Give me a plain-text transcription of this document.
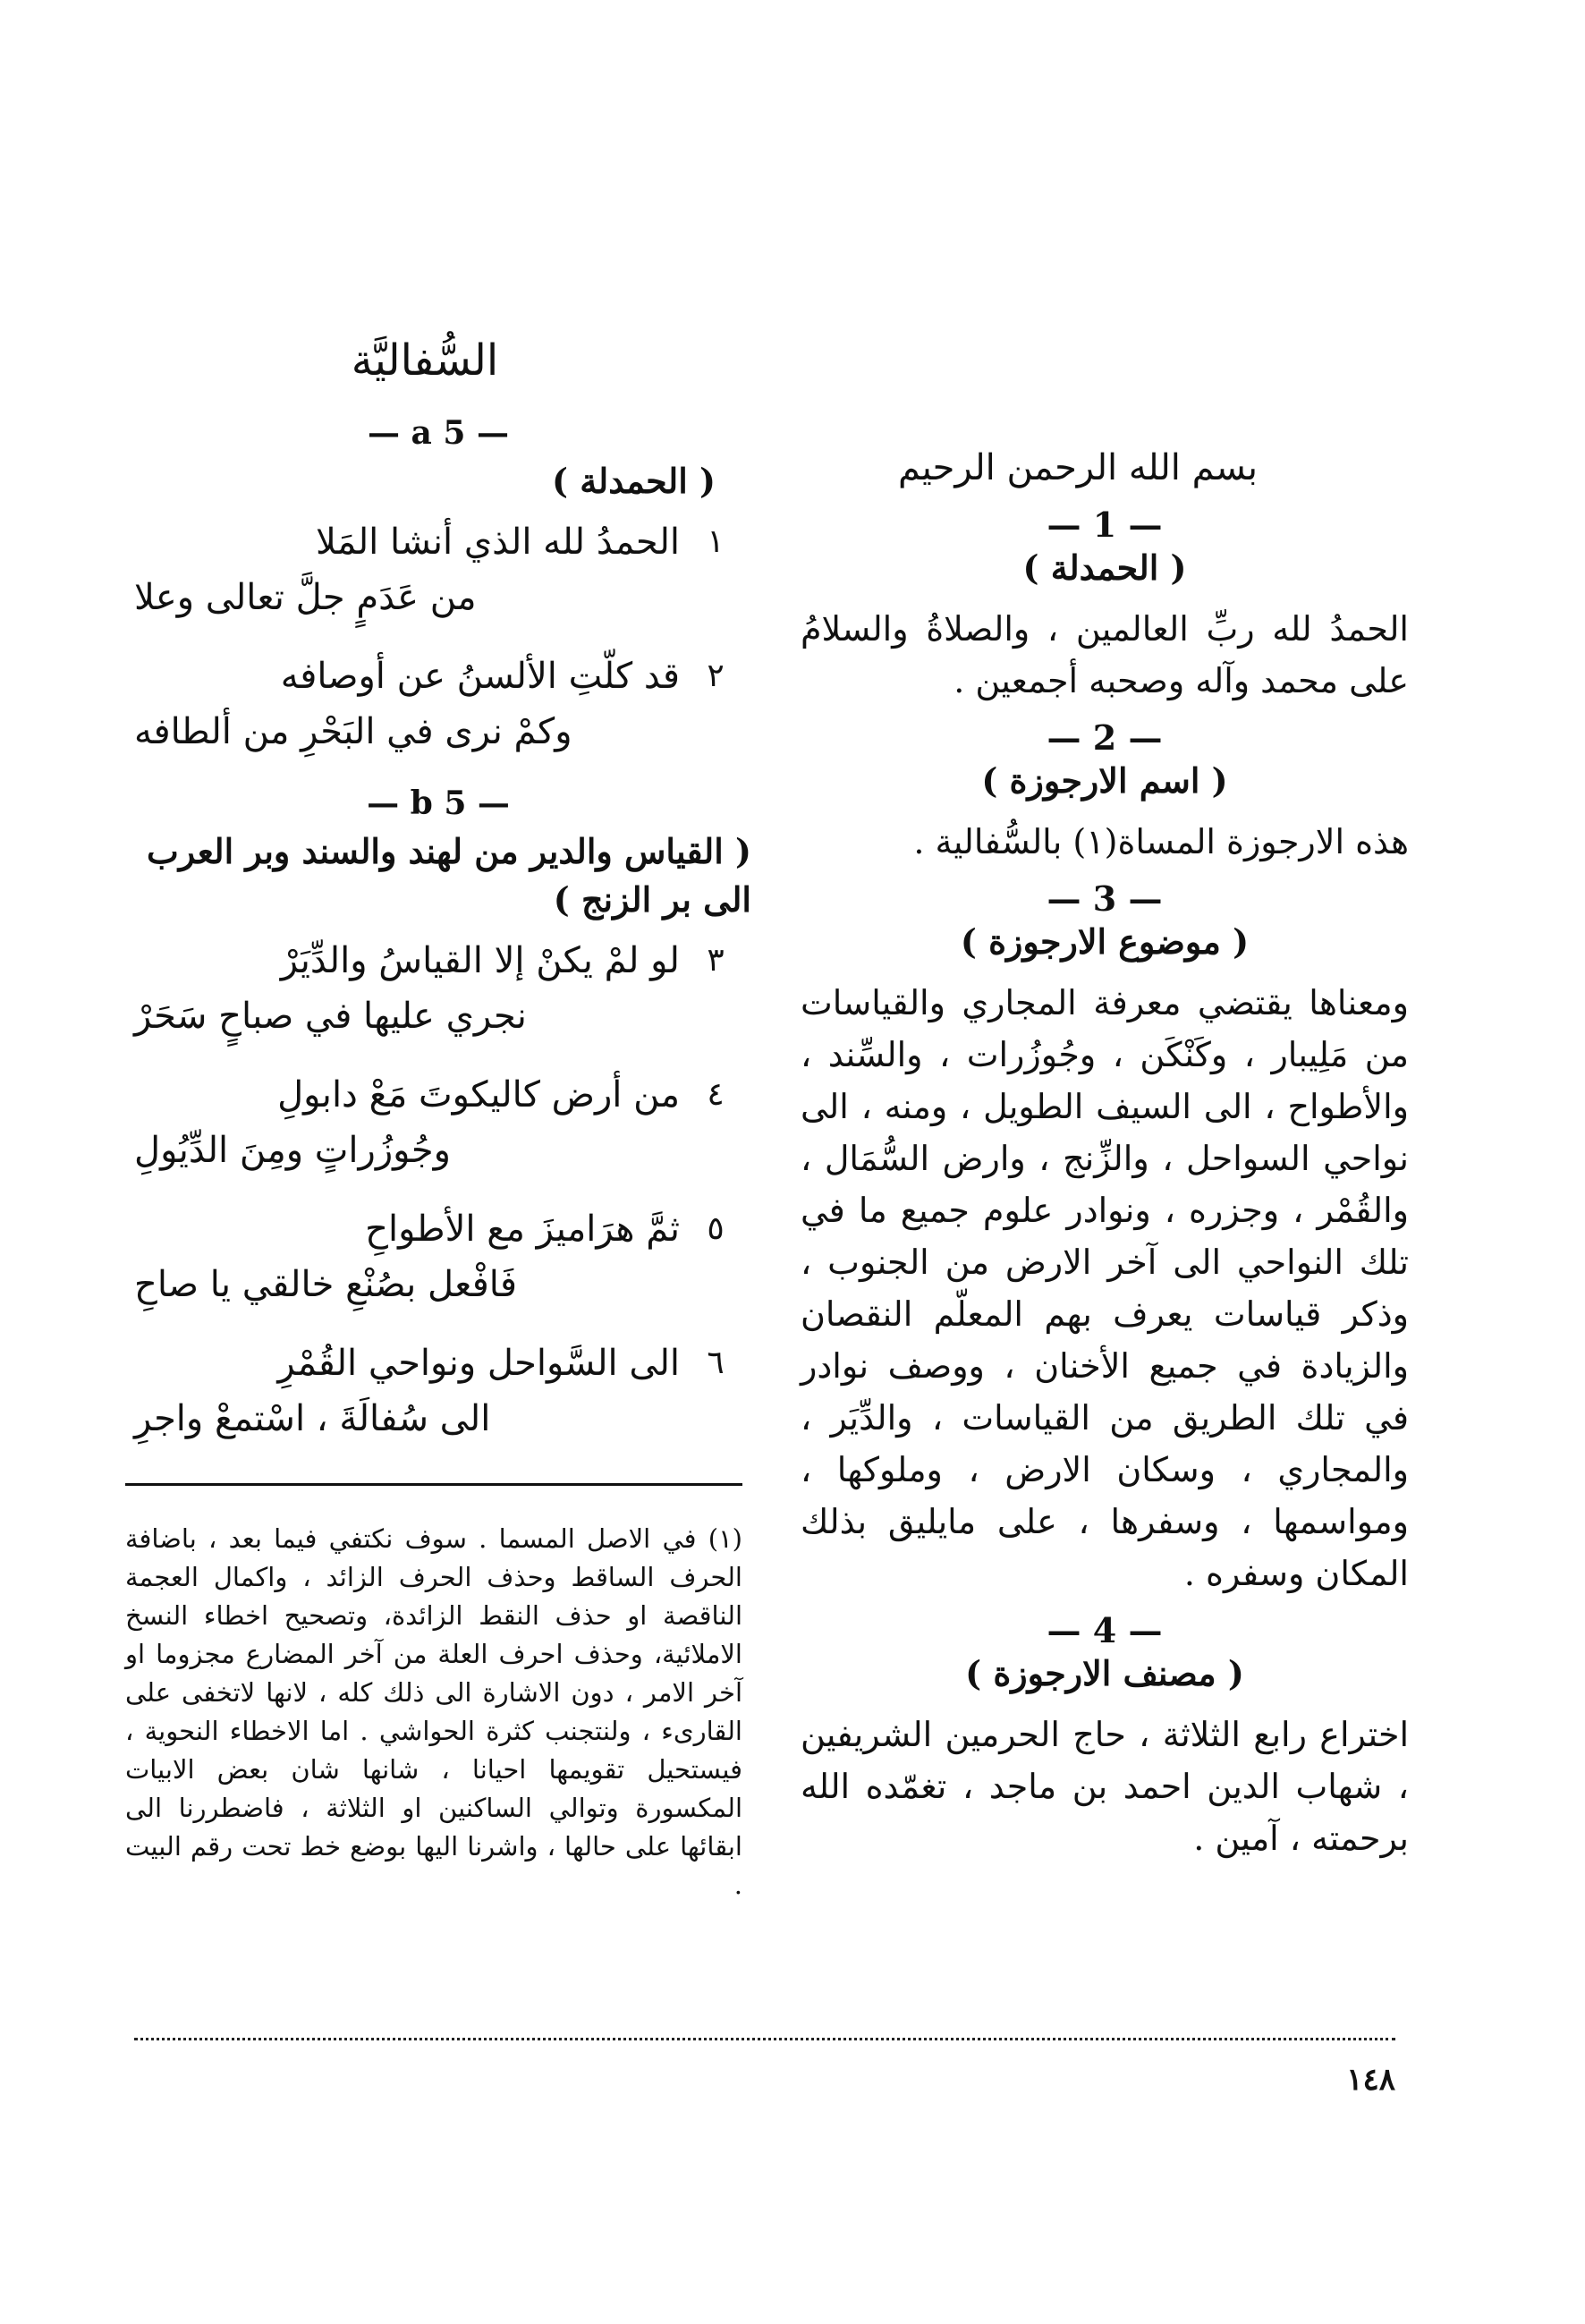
بسم الله الرحمن الرحيم
— 1 —
( الحمدلة )

الحمدُ لله ربِّ العالمين ، والصلاةُ والسلامُ على محمد وآله وصحبه أجمعين .

— 2 —
( اسم الارجوزة )

هذه الارجوزة المساة(١) بالسُّفالية .

— 3 —
( موضوع الارجوزة )

ومعناها يقتضي معرفة المجاري والقياسات من مَلِيبار ، وكَنْكَن ، وجُوزُرات ، والسِّند ، والأطواح ، الى السيف الطويل ، ومنه ، الى نواحي السواحل ، والزِّنج ، وارض السُّمَال ، والقُمْر ، وجزره ، ونوادر علوم جميع ما في تلك النواحي الى آخر الارض من الجنوب ، وذكر قياسات يعرف بهم المعلّم النقصان والزيادة في جميع الأخنان ، ووصف نوادر في تلك الطريق من القياسات ، والدِّيَر ، والمجاري ، وسكان الارض ، وملوكها ، ومواسمها ، وسفرها ، على مايليق بذلك المكان وسفره .

— 4 —
( مصنف الارجوزة )

اختراع رابع الثلاثة ، حاج الحرمين الشريفين ، شهاب الدين احمد بن ماجد ، تغمّده الله برحمته ، آمين .

السُّفاليَّة
— 5 a —
( الحمدلة )
١
الحمدُ لله الذي أنشا المَلا
من عَدَمٍ جلَّ تعالى وعلا
٢
قد كلّتِ الألسنُ عن أوصافه
وكمْ نرى في البَحْرِ من ألطافه
— 5 b —
( القياس والدير من لهند والسند وبر العرب الى بر الزنج )
٣
لو لمْ يكنْ إلا القياسُ والدِّيَرْ
نجري عليها في صباحٍ سَحَرْ
٤
من أرض كاليكوتَ مَعْ دابولِ
وجُوزُراتٍ ومِنَ الدِّيُولِ
٥
ثمَّ هرَاميزَ مع الأطواحِ
فَافْعل بصُنْعِ خالقي يا صاحِ
٦
الى السَّواحل ونواحي القُمْرِ
الى سُفالَةَ ، اسْتمعْ واجرِ

(١) في الاصل المسما . سوف نكتفي فيما بعد ، باضافة الحرف الساقط وحذف الحرف الزائد ، واكمال العجمة الناقصة او حذف النقط الزائدة، وتصحيح اخطاء النسخ الاملائية، وحذف احرف العلة من آخر المضارع مجزوما او آخر الامر ، دون الاشارة الى ذلك كله ، لانها لاتخفى على القارىء ، ولنتجنب كثرة الحواشي . اما الاخطاء النحوية ، فيستحيل تقويمها احيانا ، شانها شان بعض الابيات المكسورة وتوالي الساكنين او الثلاثة ، فاضطررنا الى ابقائها على حالها ، واشرنا اليها بوضع خط تحت رقم البيت .

١٤٨
